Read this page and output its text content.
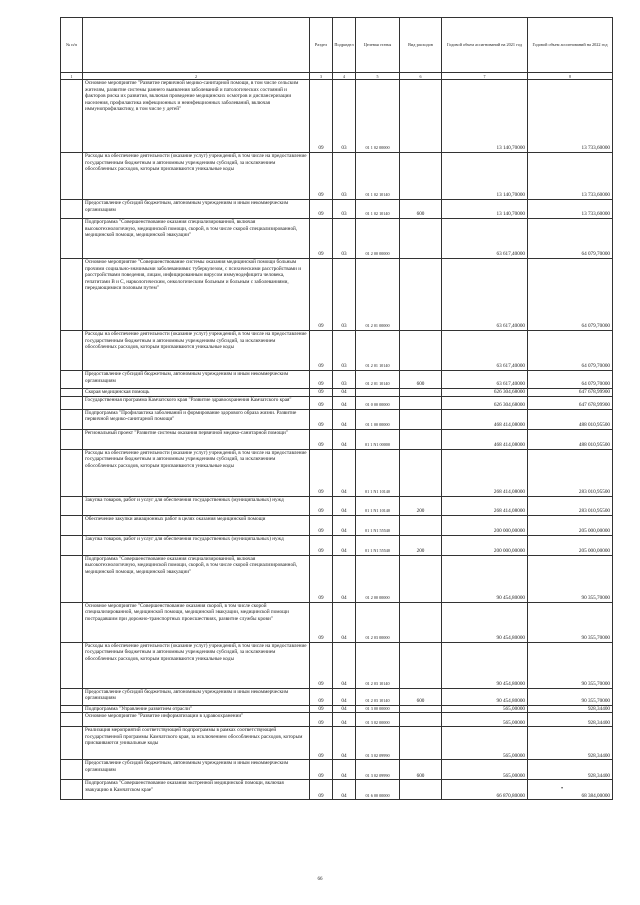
№ п/п		Раздел	Подраздел	Целевая статья	Вид расходов	Годовой объем ассигнований на 2021 год	Годовой объем ассигнований на 2022 год
1	2	3	4	5	6	7	8
	Основное мероприятие "Развитие первичной медико-санитарной помощи, в том числе сельским жителям, развитие системы раннего выявления заболеваний и патологических состояний и факторов риска их развития, включая проведение медицинских осмотров и диспансеризации населения, профилактика инфекционных и неинфекционных заболеваний, включая иммунопрофилактику, в том числе у детей"	09	03	01 1 02 00000		13 140,70000	13 733,60000
	Расходы на обеспечение деятельности (оказание услуг) учреждений, в том числе на предоставление государственным бюджетным и автономным учреждениям субсидий, за исключением обособленных расходов, которым присваиваются уникальные коды	09	03	01 1 02 10140		13 140,70000	13 733,60000
	Предоставление субсидий бюджетным, автономным учреждениям и иным некоммерческим организациям	09	03	01 1 02 10140	600	13 140,70000	13 733,60000
	Подпрограмма "Совершенствование оказания специализированной, включая высокотехнологичную, медицинской помощи, скорой, в том числе скорой специализированной, медицинской помощи, медицинской эвакуации"	09	03	01 2 00 00000		63 617,40000	64 079,70000
	Основное мероприятие "Совершенствование системы оказания медицинской помощи больным прочими социально-значимыми заболеваниями: туберкулезом, с психическими расстройствами и расстройствами поведения, лицам, инфицированным вирусом иммунодефицита человека, гепатитами В и С, наркологическим, онкологическим больным и больным с заболеваниями, передающимися половым путем"	09	03	01 2 01 00000		63 617,40000	64 079,70000
	Расходы на обеспечение деятельности (оказание услуг) учреждений, в том числе на предоставление государственным бюджетным и автономным учреждениям субсидий, за исключением обособленных расходов, которым присваиваются уникальные коды	09	03	01 2 01 10140		63 617,40000	64 079,70000
	Предоставление субсидий бюджетным, автономным учреждениям и иным некоммерческим организациям	09	03	01 2 01 10140	600	63 617,40000	64 079,70000
	Скорая медицинская помощь	09	04			626 304,68000	647 678,99900
	Государственная программа Камчатского края "Развитие здравоохранения Камчатского края"	09	04	01 0 00 00000		626 304,68000	647 678,99900
	Подпрограмма "Профилактика заболеваний и формирование здорового образа жизни. Развитие первичной медико-санитарной помощи"	09	04	01 1 00 00000		468 414,08000	488 010,95500
	Региональный проект "Развитие системы оказания первичной медико-санитарной помощи"	09	04	01 1 N1 00000		468 414,08000	488 010,95500
	Расходы на обеспечение деятельности (оказание услуг) учреждений, в том числе на предоставление государственным бюджетным и автономным учреждениям субсидий, за исключением обособленных расходов, которым присваиваются уникальные коды	09	04	01 1 N1 10140		268 414,08000	283 010,95500
	Закупка товаров, работ и услуг для обеспечения государственных (муниципальных) нужд	09	04	01 1 N1 10140	200	268 414,08000	283 010,95500
	Обеспечение закупки авиационных работ в целях оказания медицинской помощи	09	04	01 1 N1 55540		200 000,00000	205 000,00000
	Закупка товаров, работ и услуг для обеспечения государственных (муниципальных) нужд	09	04	01 1 N1 55540	200	200 000,00000	205 000,00000
	Подпрограмма "Совершенствование оказания специализированной, включая высокотехнологичную, медицинской помощи, скорой, в том числе скорой специализированной, медицинской помощи, медицинской эвакуации"	09	04	01 2 00 00000		90 454,80000	90 355,70000
	Основное мероприятие "Совершенствование оказания скорой, в том числе скорой специализированной, медицинской помощи, медицинской эвакуации, медицинской помощи пострадавшим при дорожно-транспортных происшествиях, развитие службы крови"	09	04	01 2 03 00000		90 454,80000	90 355,70000
	Расходы на обеспечение деятельности (оказание услуг) учреждений, в том числе на предоставление государственным бюджетным и автономным учреждениям субсидий, за исключением обособленных расходов, которым присваиваются уникальные коды	09	04	01 2 03 10140		90 454,80000	90 355,70000
	Предоставление субсидий бюджетным, автономным учреждениям и иным некоммерческим организациям	09	04	01 2 03 10140	600	90 454,80000	90 355,70000
	Подпрограмма "Управление развитием отрасли"	09	04	01 3 00 00000		565,00000	928,34400
	Основное мероприятие "Развитие информатизации в здравоохранении"	09	04	01 3 02 00000		565,00000	928,34400
	Реализация мероприятий соответствующей подпрограммы в рамках соответствующей государственной программы Камчатского края, за исключением обособленных расходов, которым присваиваются уникальные коды	09	04	01 3 02 09990		565,00000	928,34400
	Предоставление субсидий бюджетным, автономным учреждениям и иным некоммерческим организациям	09	04	01 3 02 09990	600	565,00000	928,34400
	Подпрограмма "Совершенствование оказания экстренной медицинской помощи, включая эвакуацию в Камчатском крае"	09	04	01 6 00 00000		66 870,80000	68 384,00000
•
66
